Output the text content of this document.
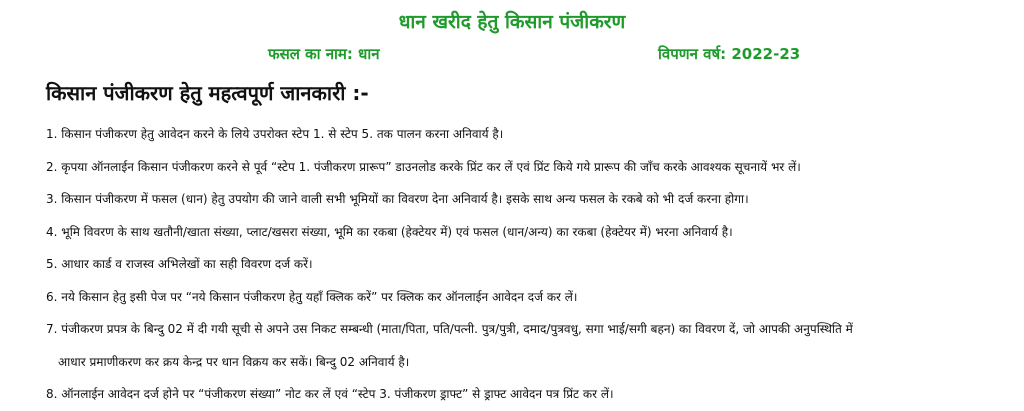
धान खरीद हेतु किसान पंजीकरण
फसल का नाम: धान	विपणन वर्ष: 2022-23
किसान पंजीकरण हेतु महत्वपूर्ण जानकारी :-
1. किसान पंजीकरण हेतु आवेदन करने के लिये उपरोक्त स्टेप 1. से स्टेप 5. तक पालन करना अनिवार्य है।
2. कृपया ऑनलाईन किसान पंजीकरण करने से पूर्व “स्टेप 1. पंजीकरण प्रारूप” डाउनलोड करके प्रिंट कर लें एवं प्रिंट किये गये प्रारूप की जाँच करके आवश्यक सूचनायें भर लें।
3. किसान पंजीकरण में फसल (धान) हेतु उपयोग की जाने वाली सभी भूमियों का विवरण देना अनिवार्य है। इसके साथ अन्य फसल के रकबे को भी दर्ज करना होगा।
4. भूमि विवरण के साथ खतौनी/खाता संख्या, प्लाट/खसरा संख्या, भूमि का रकबा (हेक्टेयर में) एवं फसल (धान/अन्य) का रकबा (हेक्टेयर में) भरना अनिवार्य है।
5. आधार कार्ड व राजस्व अभिलेखों का सही विवरण दर्ज करें।
6. नये किसान हेतु इसी पेज पर “नये किसान पंजीकरण हेतु यहाँ क्लिक करें” पर क्लिक कर ऑनलाईन आवेदन दर्ज कर लें।
7. पंजीकरण प्रपत्र के बिन्दु 02 में दी गयी सूची से अपने उस निकट सम्बन्धी (माता/पिता, पति/पत्नी. पुत्र/पुत्री, दमाद/पुत्रवधु, सगा भाई/सगी बहन) का विवरण दें, जो आपकी अनुपस्थिति में
आधार प्रमाणीकरण कर क्रय केन्द्र पर धान विक्रय कर सकें। बिन्दु 02 अनिवार्य है।
8. ऑनलाईन आवेदन दर्ज होने पर “पंजीकरण संख्या” नोट कर लें एवं “स्टेप 3. पंजीकरण ड्राफ्ट” से ड्राफ्ट आवेदन पत्र प्रिंट कर लें।
